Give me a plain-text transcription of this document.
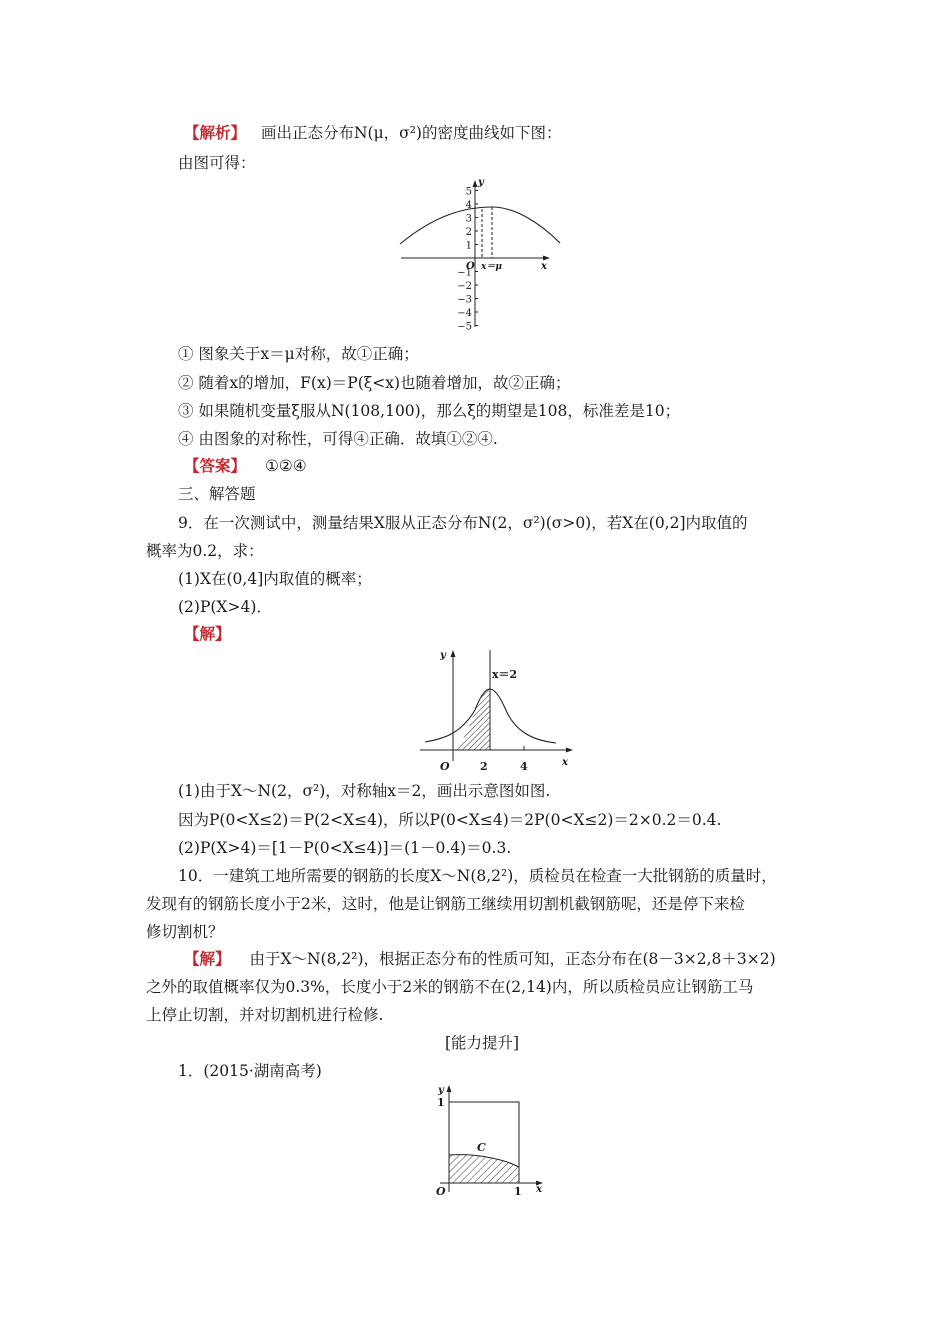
【解析】 画出正态分布N(μ，σ²)的密度曲线如下图：
由图可得：
5
4
3
2
1
−1
−2
−3
−4
−5
y
x
O x＝μ
① 图象关于x＝μ对称，故①正确；
② 随着x的增加，F(x)＝P(ξ<x)也随着增加，故②正确；
③ 如果随机变量ξ服从N(108,100)，那么ξ的期望是108，标准差是10；
④ 由图象的对称性，可得④正确．故填①②④.
【答案】 ①②④
三、解答题
9．在一次测试中，测量结果X服从正态分布N(2，σ²)(σ>0)，若X在(0,2]内取值的
概率为0.2，求：
(1)X在(0,4]内取值的概率；
(2)P(X>4)．
【解】
y
x
O
x＝2
2	4
(1)由于X～N(2，σ²)，对称轴x＝2，画出示意图如图.
因为P(0<X≤2)＝P(2<X≤4)，所以P(0<X≤4)＝2P(0<X≤2)＝2×0.2＝0.4.
(2)P(X>4)＝[1－P(0<X≤4)]＝(1－0.4)＝0.3.
10．一建筑工地所需要的钢筋的长度X～N(8,2²)，质检员在检查一大批钢筋的质量时，
发现有的钢筋长度小于2米，这时，他是让钢筋工继续用切割机截钢筋呢，还是停下来检
修切割机？
【解】 由于X～N(8,2²)，根据正态分布的性质可知，正态分布在(8－3×2,8＋3×2)
之外的取值概率仅为0.3%，长度小于2米的钢筋不在(2,14)内，所以质检员应让钢筋工马
上停止切割，并对切割机进行检修.
[能力提升]
1．(2015·湖南高考)
y
x
O	1
1
C
